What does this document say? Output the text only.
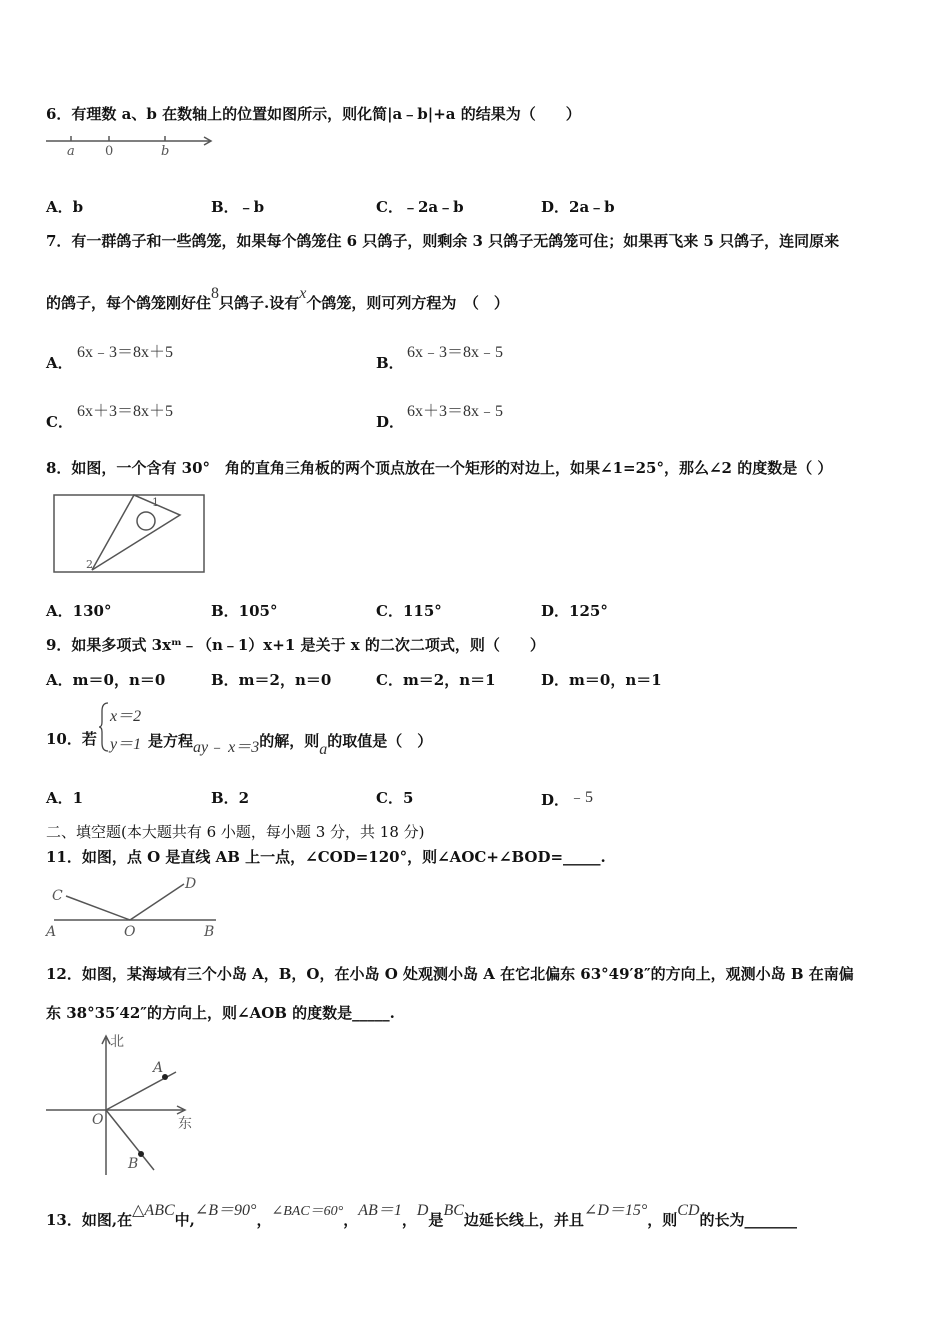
6．有理数 a、b 在数轴上的位置如图所示，则化简|a﹣b|+a 的结果为（　　）
a 0	b
A．b	B．﹣b	C．﹣2a﹣b	D．2a﹣b
7．有一群鸽子和一些鸽笼，如果每个鸽笼住 6 只鸽子，则剩余 3 只鸽子无鸽笼可住；如果再飞来 5 只鸽子，连同原来
的鸽子，每个鸽笼刚好住8只鸽子.设有x个鸽笼，则可列方程为　（　）
A．
6x﹣3＝8x＋5
B．
6x﹣3＝8x﹣5
C．
6x＋3＝8x＋5
D．
6x＋3＝8x﹣5
8．如图，一个含有 30°　角的直角三角板的两个顶点放在一个矩形的对边上，如果∠1=25°，那么∠2 的度数是（ ）
1
2
A．130°	B．105°	C．115°	D．125°
9．如果多项式 3xᵐ﹣（n﹣1）x+1 是关于 x 的二次二项式，则（　　）
A．m＝0，n＝0	B．m＝2，n＝0	C．m＝2，n＝1	D．m＝0，n＝1
10．若
x＝2
y＝1 是方程ay﹣ x＝3的解，则a的取值是（　）
A．1	B．2	C．5	D．﹣5
二、填空题(本大题共有 6 小题，每小题 3 分，共 18 分)
11．如图，点 O 是直线 AB 上一点，∠COD=120°，则∠AOC+∠BOD=_____.
C
D
A	O	B
12．如图，某海域有三个小岛 A，B，O，在小岛 O 处观测小岛 A 在它北偏东 63°49′8″的方向上，观测小岛 B 在南偏
东 38°35′42″的方向上，则∠AOB 的度数是_____.
北
东
O
A
B
13．如图,在△ABC中,∠B＝90°，∠BAC＝60°，AB＝1，D是BC边延长线上，并且∠D＝15°，则CD的长为_______
